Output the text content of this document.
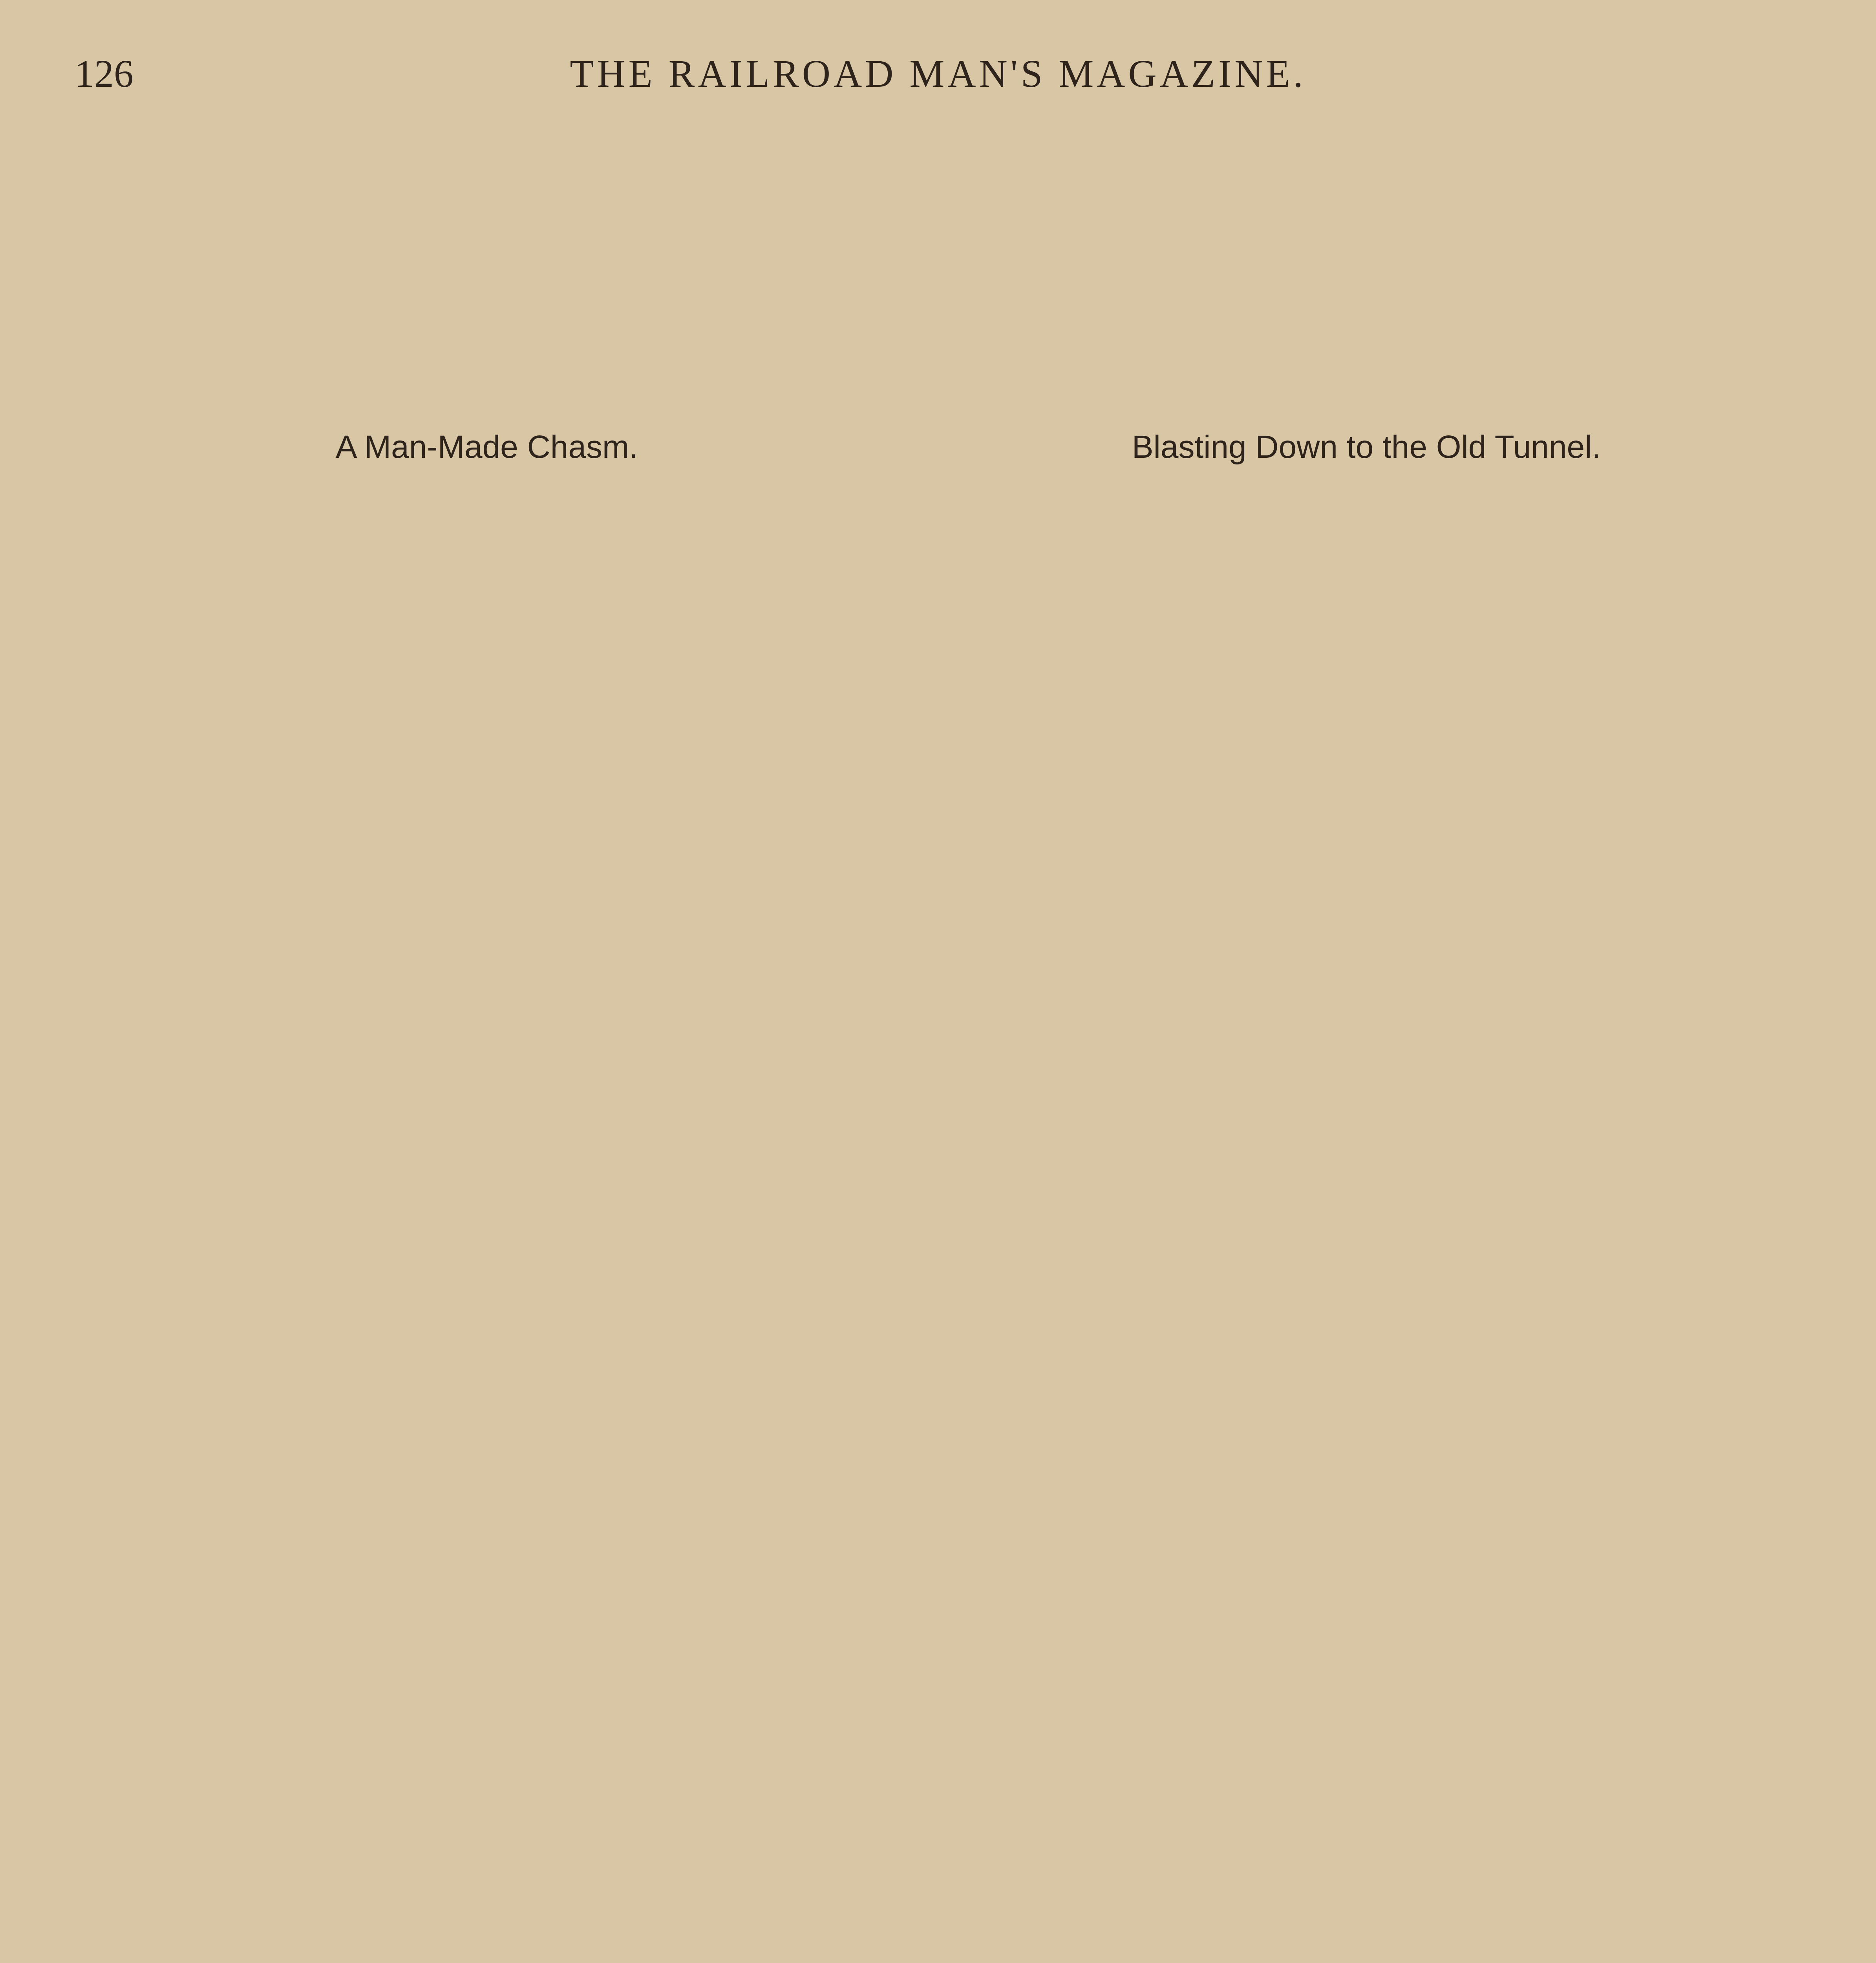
126	THE RAILROAD MAN'S MAGAZINE.
A Man-Made Chasm.	Blasting Down to the Old Tunnel.
